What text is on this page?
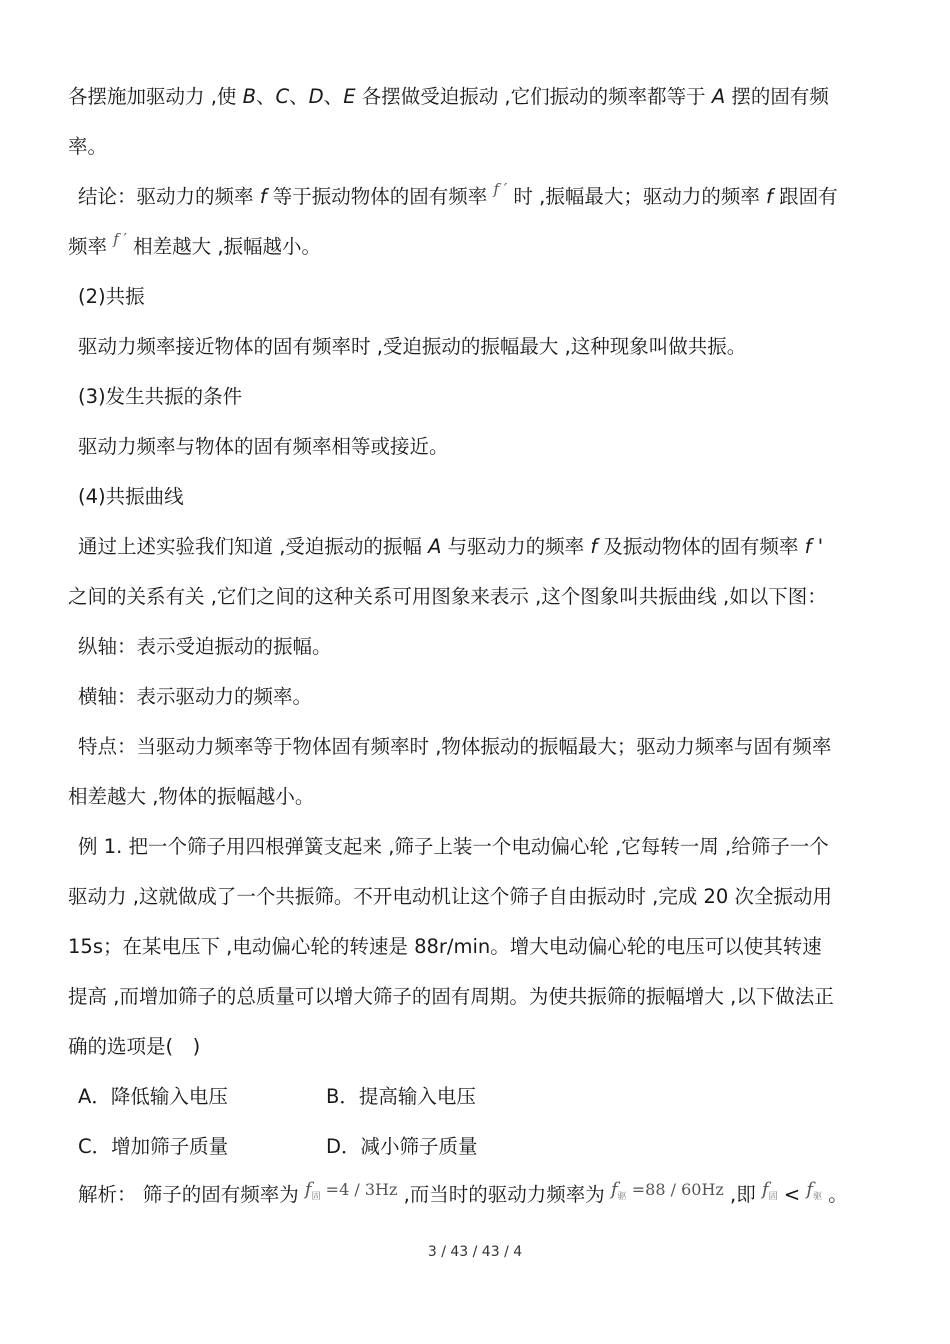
各摆施加驱动力 ,使 B、C、D、E 各摆做受迫振动 ,它们振动的频率都等于 A 摆的固有频
率。
结论：驱动力的频率 f 等于振动物体的固有频率 $^{f '}$ 时 ,振幅最大；驱动力的频率 f 跟固有
频率 $^{f '}$ 相差越大 ,振幅越小。
(2)共振
驱动力频率接近物体的固有频率时 ,受迫振动的振幅最大 ,这种现象叫做共振。
(3)发生共振的条件
驱动力频率与物体的固有频率相等或接近。
(4)共振曲线
通过上述实验我们知道 ,受迫振动的振幅 A 与驱动力的频率 f 及振动物体的固有频率 f '
之间的关系有关 ,它们之间的这种关系可用图象来表示 ,这个图象叫共振曲线 ,如以下图：
纵轴：表示受迫振动的振幅。
横轴：表示驱动力的频率。
特点：当驱动力频率等于物体固有频率时 ,物体振动的振幅最大；驱动力频率与固有频率
相差越大 ,物体的振幅越小。
例 1. 把一个筛子用四根弹簧支起来 ,筛子上装一个电动偏心轮 ,它每转一周 ,给筛子一个
驱动力 ,这就做成了一个共振筛。不开电动机让这个筛子自由振动时 ,完成 20 次全振动用
15s；在某电压下 ,电动偏心轮的转速是 88r/min。增大电动偏心轮的电压可以使其转速
提高 ,而增加筛子的总质量可以增大筛子的固有周期。为使共振筛的振幅增大 ,以下做法正
确的选项是(　)
A．降低输入电压	B．提高输入电压
C．增加筛子质量	D．减小筛子质量
解析： 筛子的固有频率为 $^{f_固 =4 / 3Hz}$ ,而当时的驱动力频率为 $^{f_驱 =88 / 60Hz}$ ,即 $^{f_固}$ < $^{f_驱}$ 。
3 / 43 / 43 / 4
